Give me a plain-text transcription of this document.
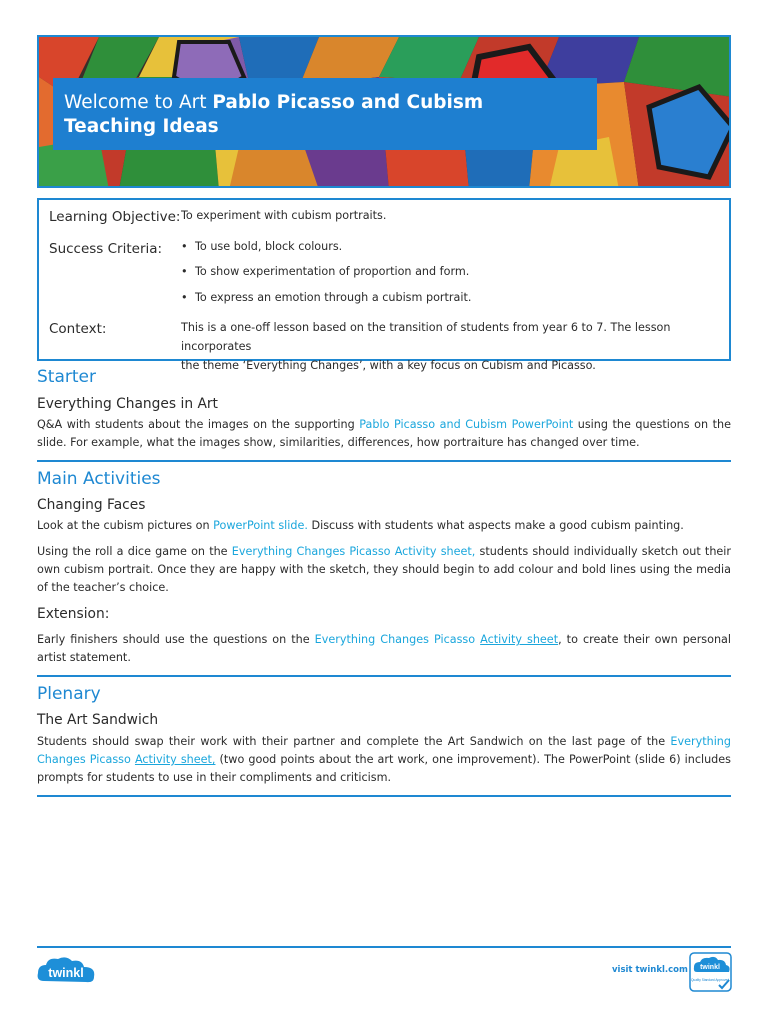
Welcome to Art Pablo Picasso and Cubism
Teaching Ideas
Learning Objective: To experiment with cubism portraits.
Success Criteria: • To use bold, block colours.
• To show experimentation of proportion and form.
• To express an emotion through a cubism portrait.
Context:	This is a one-off lesson based on the transition of students from year 6 to 7. The lesson incorporates
the theme ‘Everything Changes’, with a key focus on Cubism and Picasso.
Starter
Everything Changes in Art
Q&A with students about the images on the supporting Pablo Picasso and Cubism PowerPoint using the questions on the slide. For example, what the images show, similarities, differences, how portraiture has changed over time.
Main Activities
Changing Faces
Look at the cubism pictures on PowerPoint slide. Discuss with students what aspects make a good cubism painting.
Using the roll a dice game on the Everything Changes Picasso Activity sheet, students should individually sketch out their own cubism portrait. Once they are happy with the sketch, they should begin to add colour and bold lines using the media of the teacher’s choice.
Extension:
Early finishers should use the questions on the Everything Changes Picasso Activity sheet, to create their own personal artist statement.
Plenary
The Art Sandwich
Students should swap their work with their partner and complete the Art Sandwich on the last page of the Everything Changes Picasso Activity sheet, (two good points about the art work, one improvement). The PowerPoint (slide 6) includes prompts for students to use in their compliments and criticism.
twinkl	visit twinkl.com twinkl
Quality Standard Approved
